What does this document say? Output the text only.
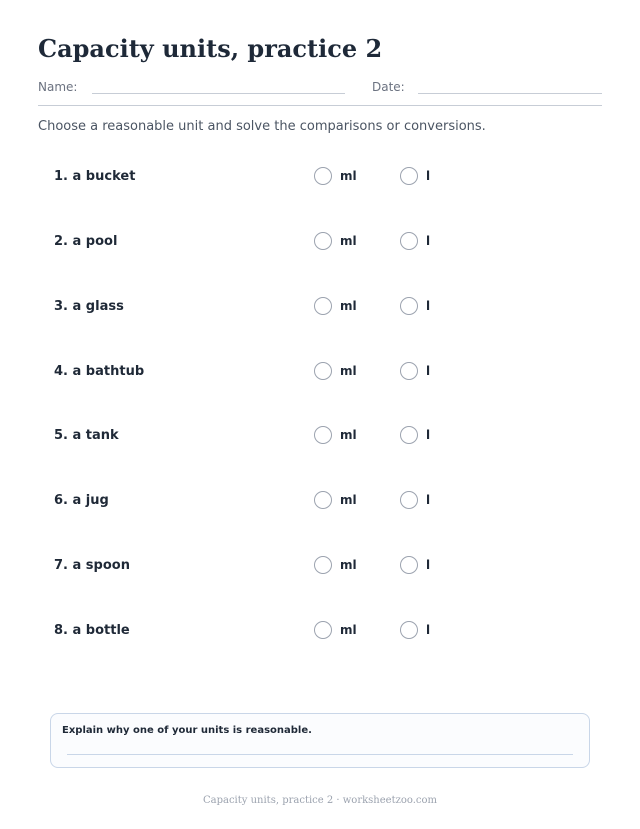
Capacity units, practice 2
Name:	Date:
Choose a reasonable unit and solve the comparisons or conversions.
1. a bucket	ml	l
2. a pool	ml	l
3. a glass	ml	l
4. a bathtub	ml	l
5. a tank	ml	l
6. a jug	ml	l
7. a spoon	ml	l
8. a bottle	ml	l
Explain why one of your units is reasonable.
Capacity units, practice 2 · worksheetzoo.com
